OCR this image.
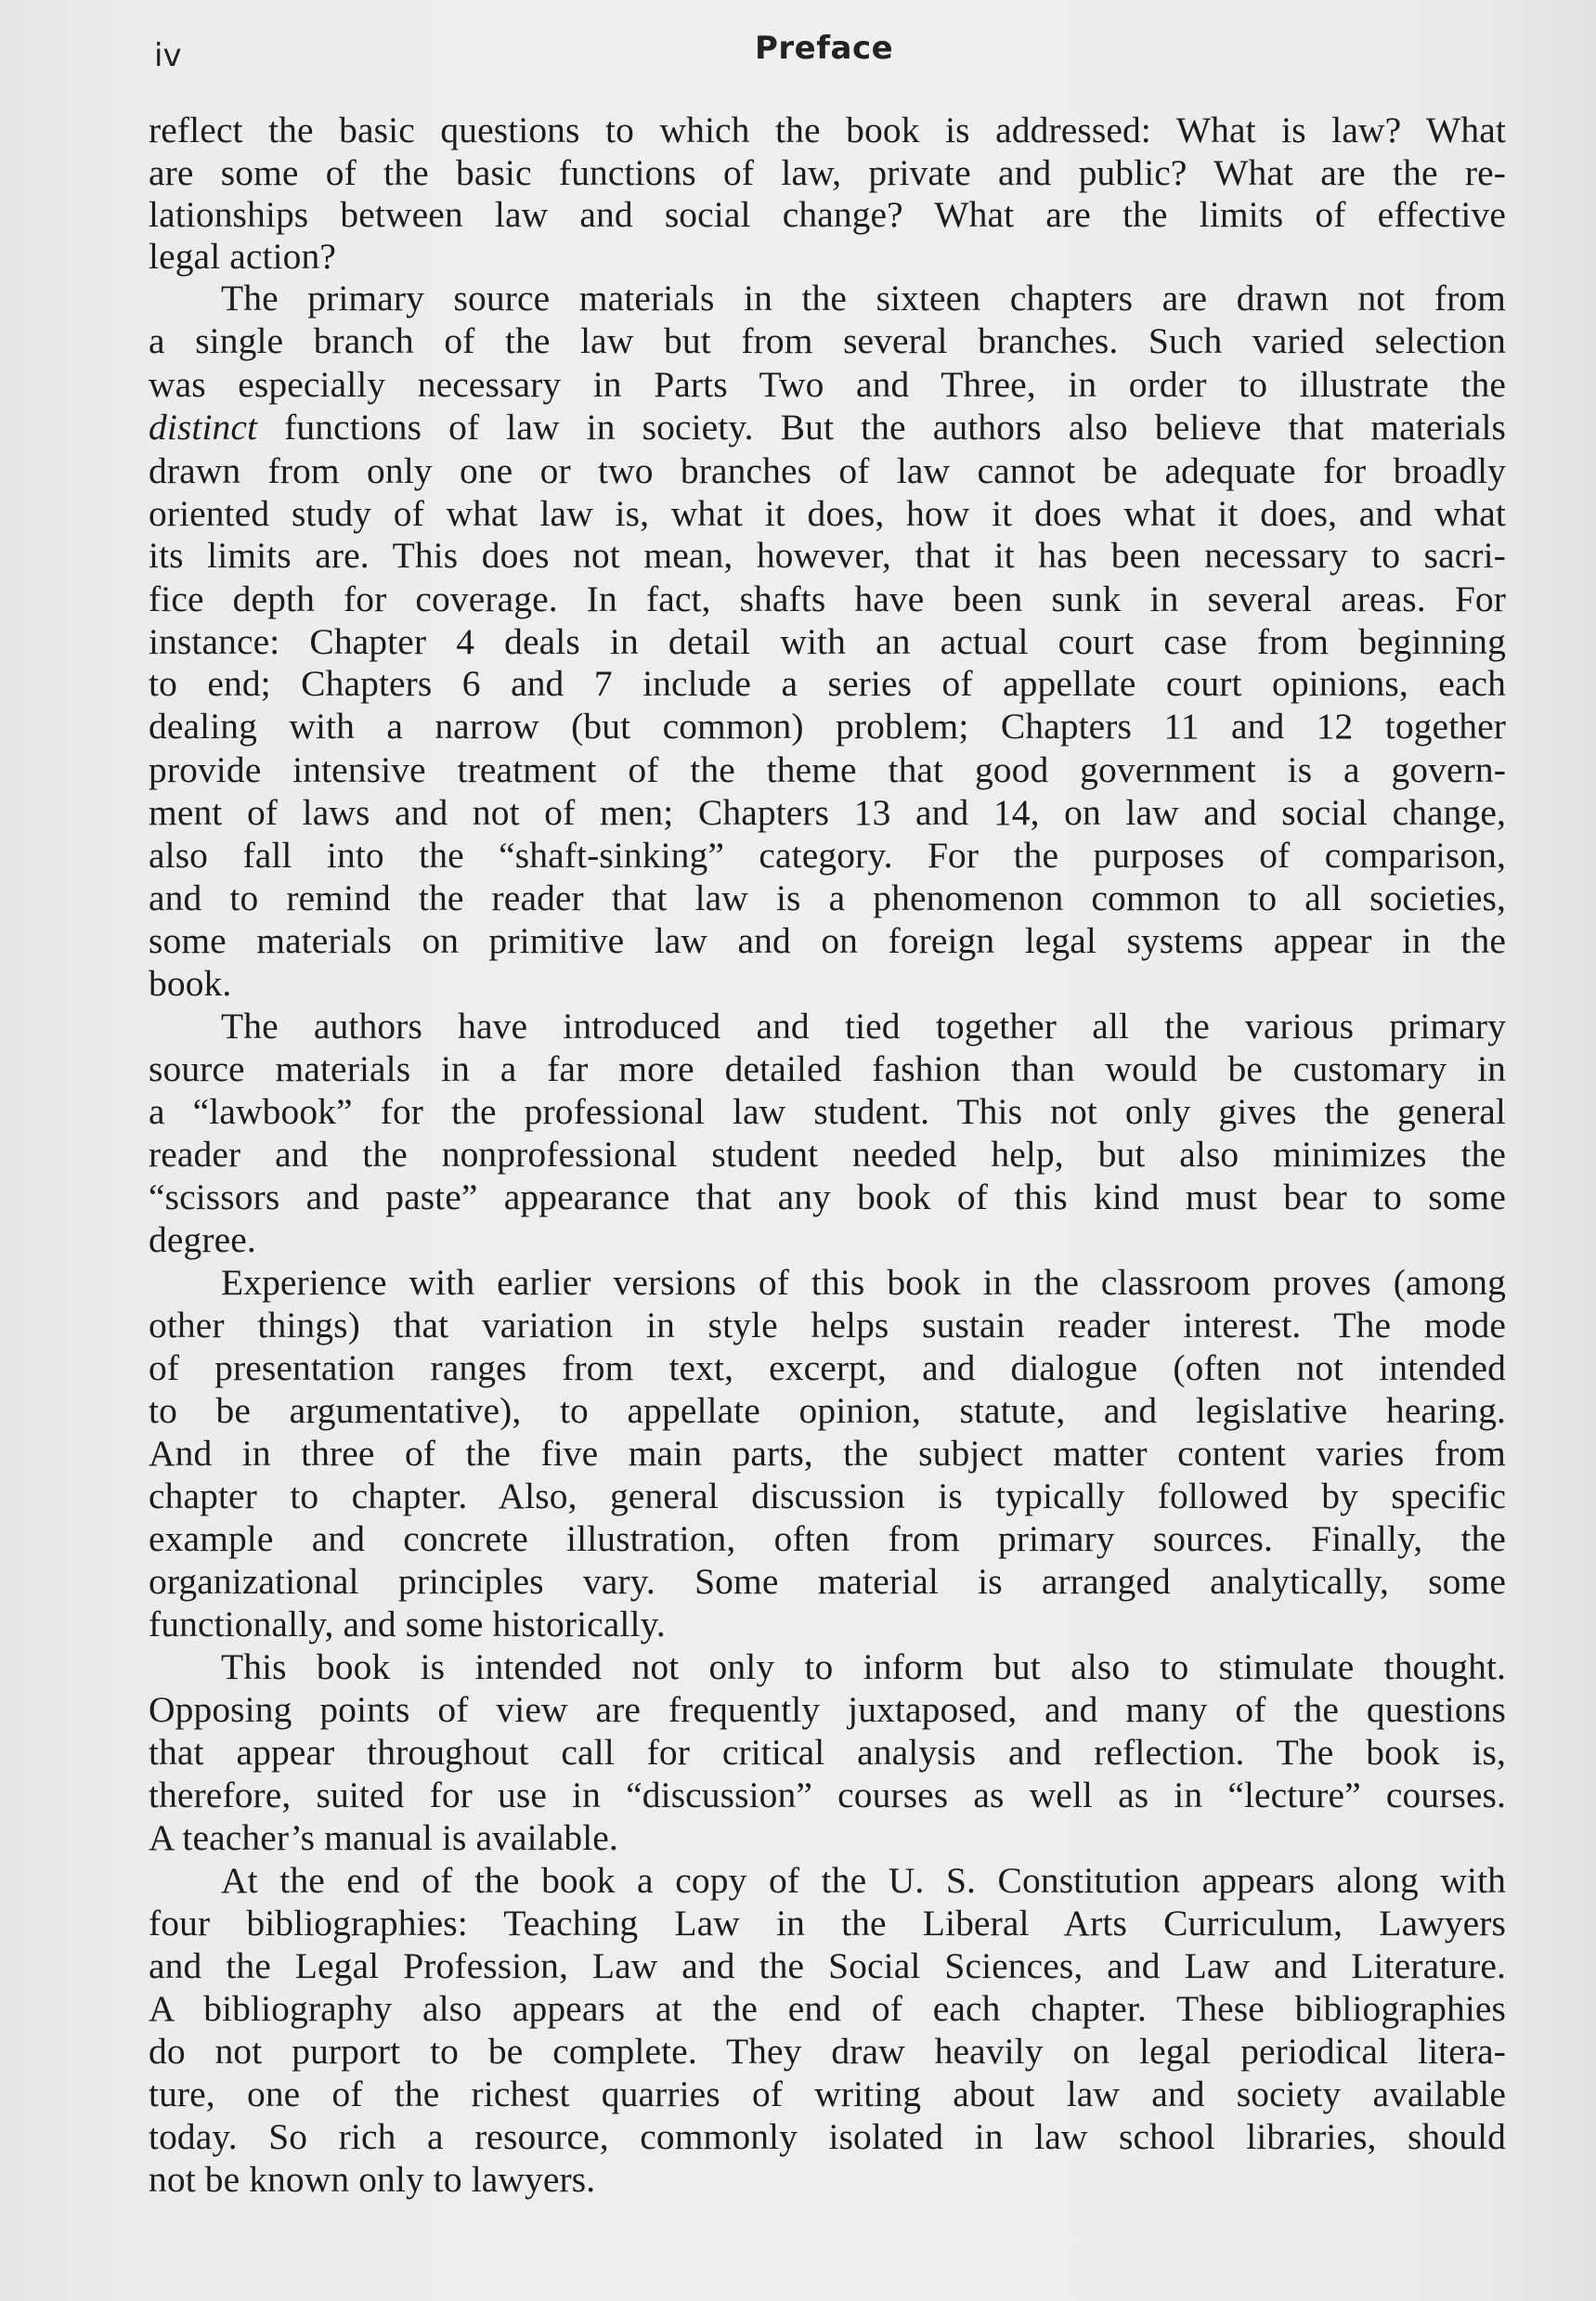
iv	Preface
reflect the basic questions to which the book is addressed: What is law? What
are some of the basic functions of law, private and public? What are the re-
lationships between law and social change? What are the limits of effective
legal action?
The primary source materials in the sixteen chapters are drawn not from
a single branch of the law but from several branches. Such varied selection
was especially necessary in Parts Two and Three, in order to illustrate the
distinct functions of law in society. But the authors also believe that materials
drawn from only one or two branches of law cannot be adequate for broadly
oriented study of what law is, what it does, how it does what it does, and what
its limits are. This does not mean, however, that it has been necessary to sacri-
fice depth for coverage. In fact, shafts have been sunk in several areas. For
instance: Chapter 4 deals in detail with an actual court case from beginning
to end; Chapters 6 and 7 include a series of appellate court opinions, each
dealing with a narrow (but common) problem; Chapters 11 and 12 together
provide intensive treatment of the theme that good government is a govern-
ment of laws and not of men; Chapters 13 and 14, on law and social change,
also fall into the “shaft-sinking” category. For the purposes of comparison,
and to remind the reader that law is a phenomenon common to all societies,
some materials on primitive law and on foreign legal systems appear in the
book.
The authors have introduced and tied together all the various primary
source materials in a far more detailed fashion than would be customary in
a “lawbook” for the professional law student. This not only gives the general
reader and the nonprofessional student needed help, but also minimizes the
“scissors and paste” appearance that any book of this kind must bear to some
degree.
Experience with earlier versions of this book in the classroom proves (among
other things) that variation in style helps sustain reader interest. The mode
of presentation ranges from text, excerpt, and dialogue (often not intended
to be argumentative), to appellate opinion, statute, and legislative hearing.
And in three of the five main parts, the subject matter content varies from
chapter to chapter. Also, general discussion is typically followed by specific
example and concrete illustration, often from primary sources. Finally, the
organizational principles vary. Some material is arranged analytically, some
functionally, and some historically.
This book is intended not only to inform but also to stimulate thought.
Opposing points of view are frequently juxtaposed, and many of the questions
that appear throughout call for critical analysis and reflection. The book is,
therefore, suited for use in “discussion” courses as well as in “lecture” courses.
A teacher’s manual is available.
At the end of the book a copy of the U. S. Constitution appears along with
four bibliographies: Teaching Law in the Liberal Arts Curriculum, Lawyers
and the Legal Profession, Law and the Social Sciences, and Law and Literature.
A bibliography also appears at the end of each chapter. These bibliographies
do not purport to be complete. They draw heavily on legal periodical litera-
ture, one of the richest quarries of writing about law and society available
today. So rich a resource, commonly isolated in law school libraries, should
not be known only to lawyers.
